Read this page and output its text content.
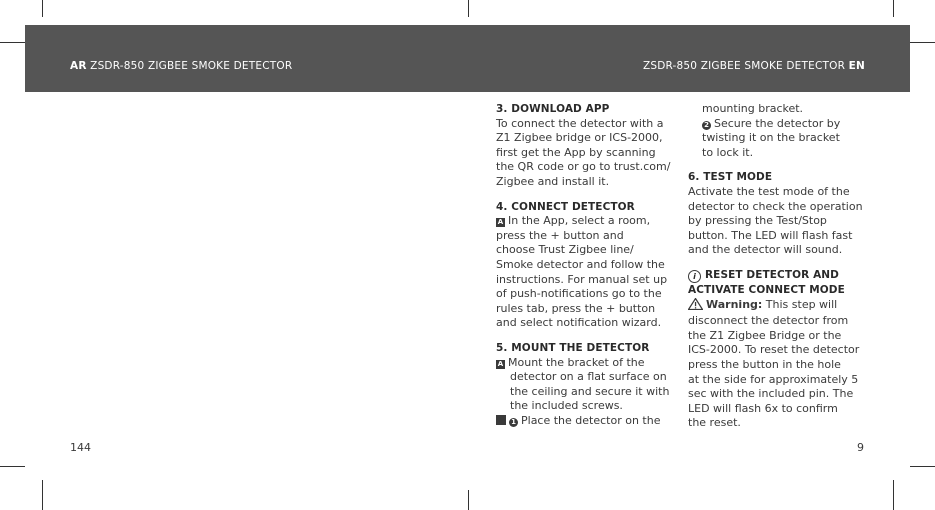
AR ZSDR-850 ZIGBEE SMOKE DETECTOR	ZSDR-850 ZIGBEE SMOKE DETECTOR EN
3. DOWNLOAD APP
To connect the detector with a
Z1 Zigbee bridge or ICS-2000,
first get the App by scanning
the QR code or go to trust.com/
Zigbee and install it.
4. CONNECT DETECTOR
A In the App, select a room,
press the + button and
choose Trust Zigbee line/
Smoke detector and follow the
instructions. For manual set up
of push-notifications go to the
rules tab, press the + button
and select notification wizard.
5. MOUNT THE DETECTOR
A Mount the bracket of the
detector on a flat surface on
the ceiling and secure it with
the included screws.
1 Place the detector on the
mounting bracket.
2 Secure the detector by
twisting it on the bracket
to lock it.
6. TEST MODE
Activate the test mode of the
detector to check the operation
by pressing the Test/Stop
button. The LED will flash fast
and the detector will sound.
i RESET DETECTOR AND
ACTIVATE CONNECT MODE
Warning: This step will
disconnect the detector from
the Z1 Zigbee Bridge or the
ICS-2000. To reset the detector
press the button in the hole
at the side for approximately 5
sec with the included pin. The
LED will flash 6x to confirm
the reset.
144	9
